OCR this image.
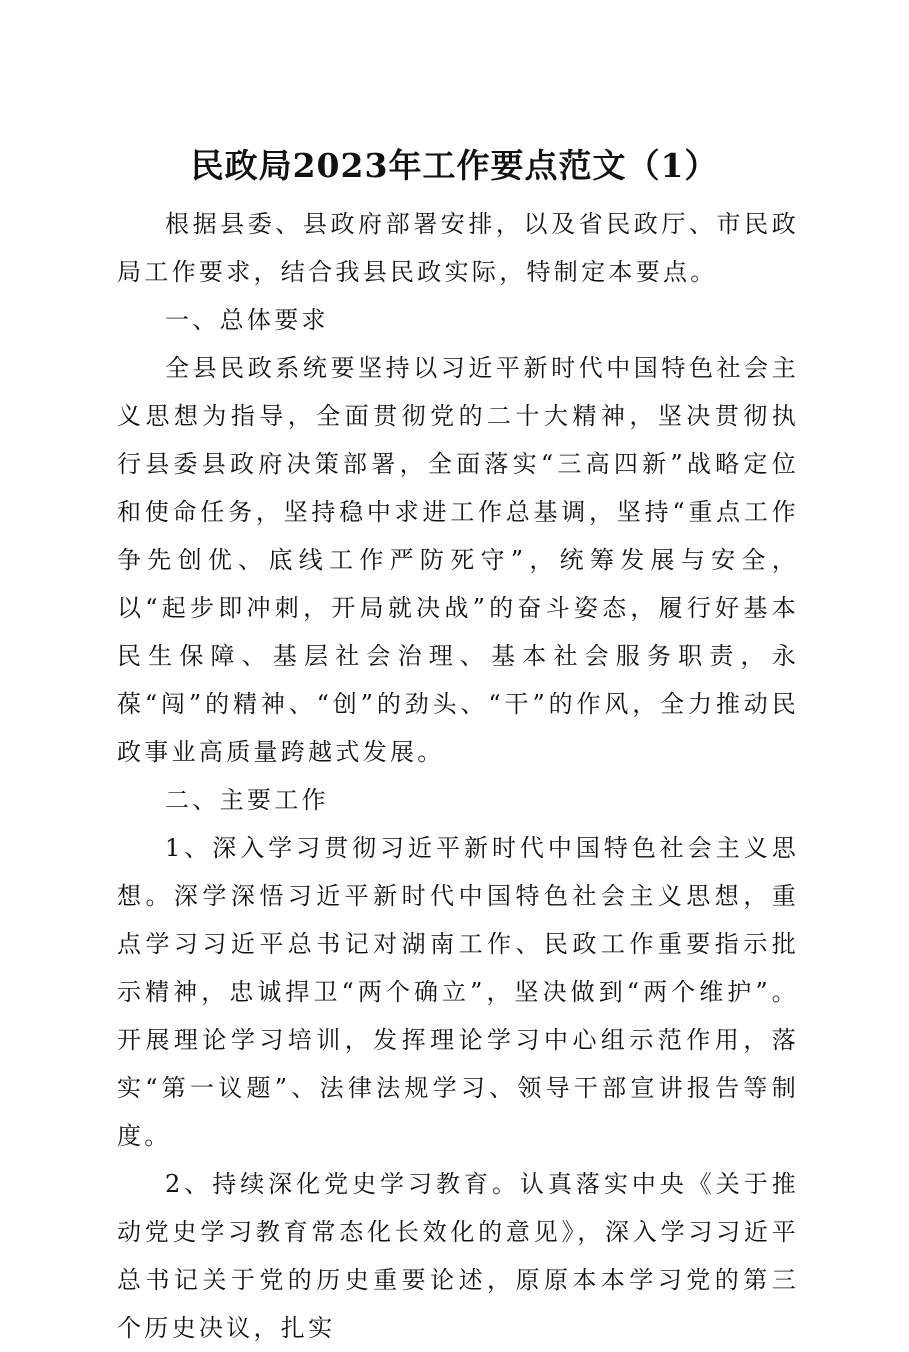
民政局2023年工作要点范文（1）

根据县委、县政府部署安排，以及省民政厅、市民政局工作要求，结合我县民政实际，特制定本要点。

一、总体要求

全县民政系统要坚持以习近平新时代中国特色社会主义思想为指导，全面贯彻党的二十大精神，坚决贯彻执行县委县政府决策部署，全面落实“三高四新”战略定位和使命任务，坚持稳中求进工作总基调，坚持“重点工作争先创优、底线工作严防死守”，统筹发展与安全，以“起步即冲刺，开局就决战”的奋斗姿态，履行好基本民生保障、基层社会治理、基本社会服务职责，永葆“闯”的精神、“创”的劲头、“干”的作风，全力推动民政事业高质量跨越式发展。

二、主要工作

1、深入学习贯彻习近平新时代中国特色社会主义思想。深学深悟习近平新时代中国特色社会主义思想，重点学习习近平总书记对湖南工作、民政工作重要指示批示精神，忠诚捍卫“两个确立”，坚决做到“两个维护”。开展理论学习培训，发挥理论学习中心组示范作用，落实“第一议题”、法律法规学习、领导干部宣讲报告等制度。

2、持续深化党史学习教育。认真落实中央《关于推动党史学习教育常态化长效化的意见》，深入学习习近平总书记关于党的历史重要论述，原原本本学习党的第三个历史决议，扎实
